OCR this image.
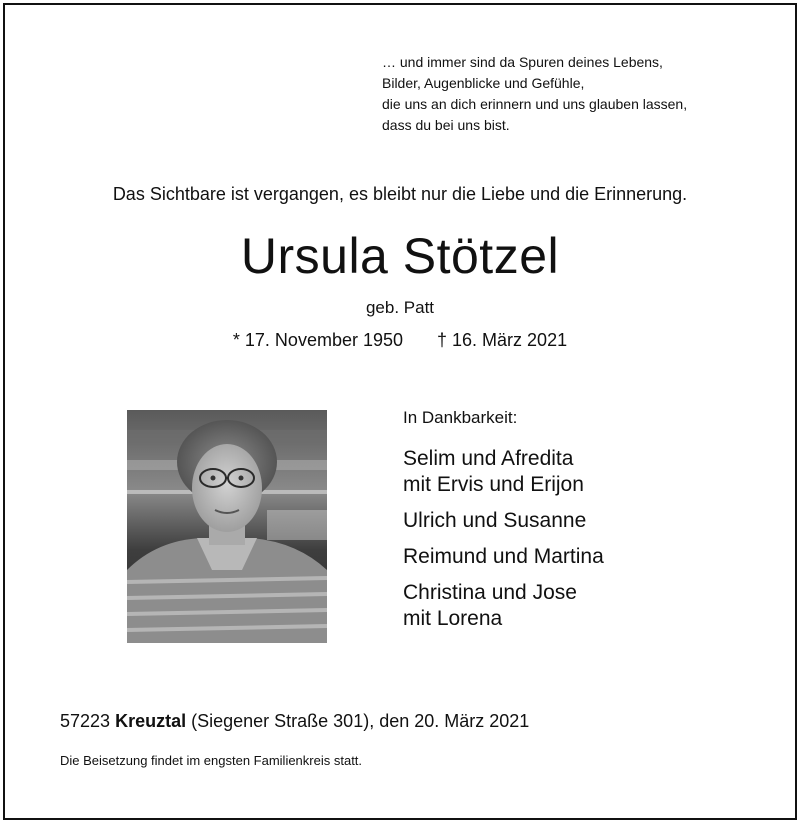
… und immer sind da Spuren deines Lebens,
Bilder, Augenblicke und Gefühle,
die uns an dich erinnern und uns glauben lassen,
dass du bei uns bist.
Das Sichtbare ist vergangen, es bleibt nur die Liebe und die Erinnerung.
Ursula Stötzel
geb. Patt
* 17. November 1950 † 16. März 2021
In Dankbarkeit:
Selim und Afredita
mit Ervis und Erijon
Ulrich und Susanne
Reimund und Martina
Christina und Jose
mit Lorena
57223 Kreuztal (Siegener Straße 301), den 20. März 2021
Die Beisetzung findet im engsten Familienkreis statt.
